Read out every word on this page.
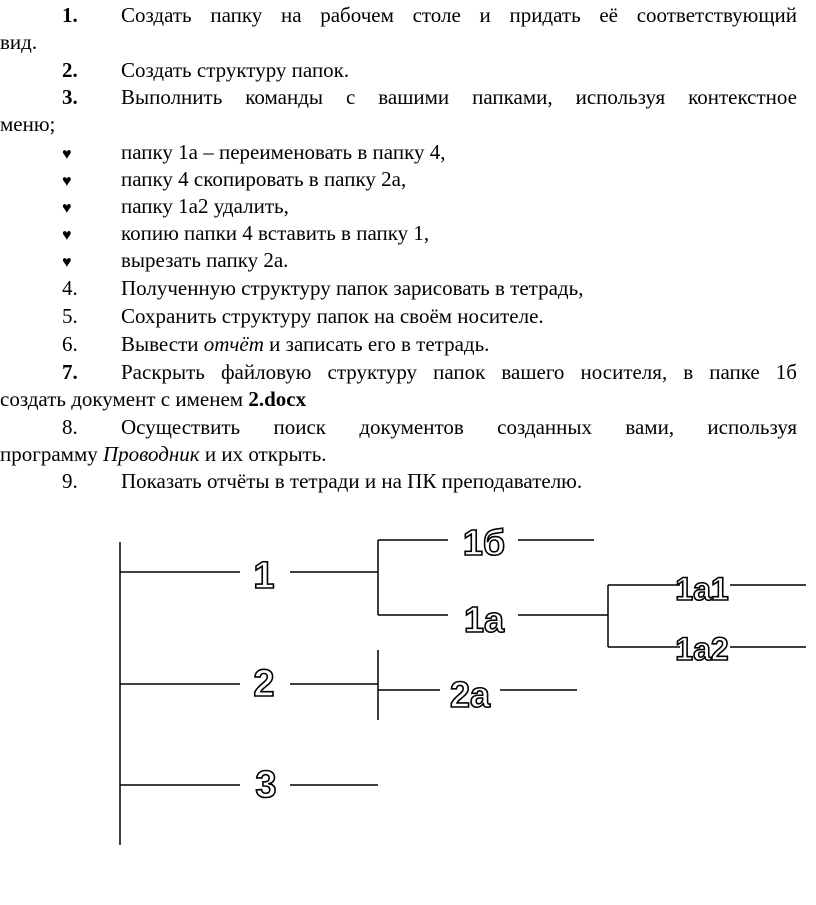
1. Создать папку на рабочем столе и придать её соответствующий
вид.
2. Создать структуру папок.
3. Выполнить команды с вашими папками, используя контекстное
меню;
♥ папку 1а – переименовать в папку 4,
♥ папку 4 скопировать в папку 2а,
♥ папку 1а2 удалить,
♥ копию папки 4 вставить в папку 1,
♥ вырезать папку 2а.
4. Полученную структуру папок зарисовать в тетрадь,
5. Сохранить структуру папок на своём носителе.
6. Вывести отчёт и записать его в тетрадь.
7. Раскрыть файловую структуру папок вашего носителя, в папке 1б
создать документ с именем 2.docx
8. Осуществить поиск документов созданных вами, используя
программу Проводник и их открыть.
9. Показать отчёты в тетради и на ПК преподавателю.
1
2
3
1б
1а
2а
1а1
1а2
